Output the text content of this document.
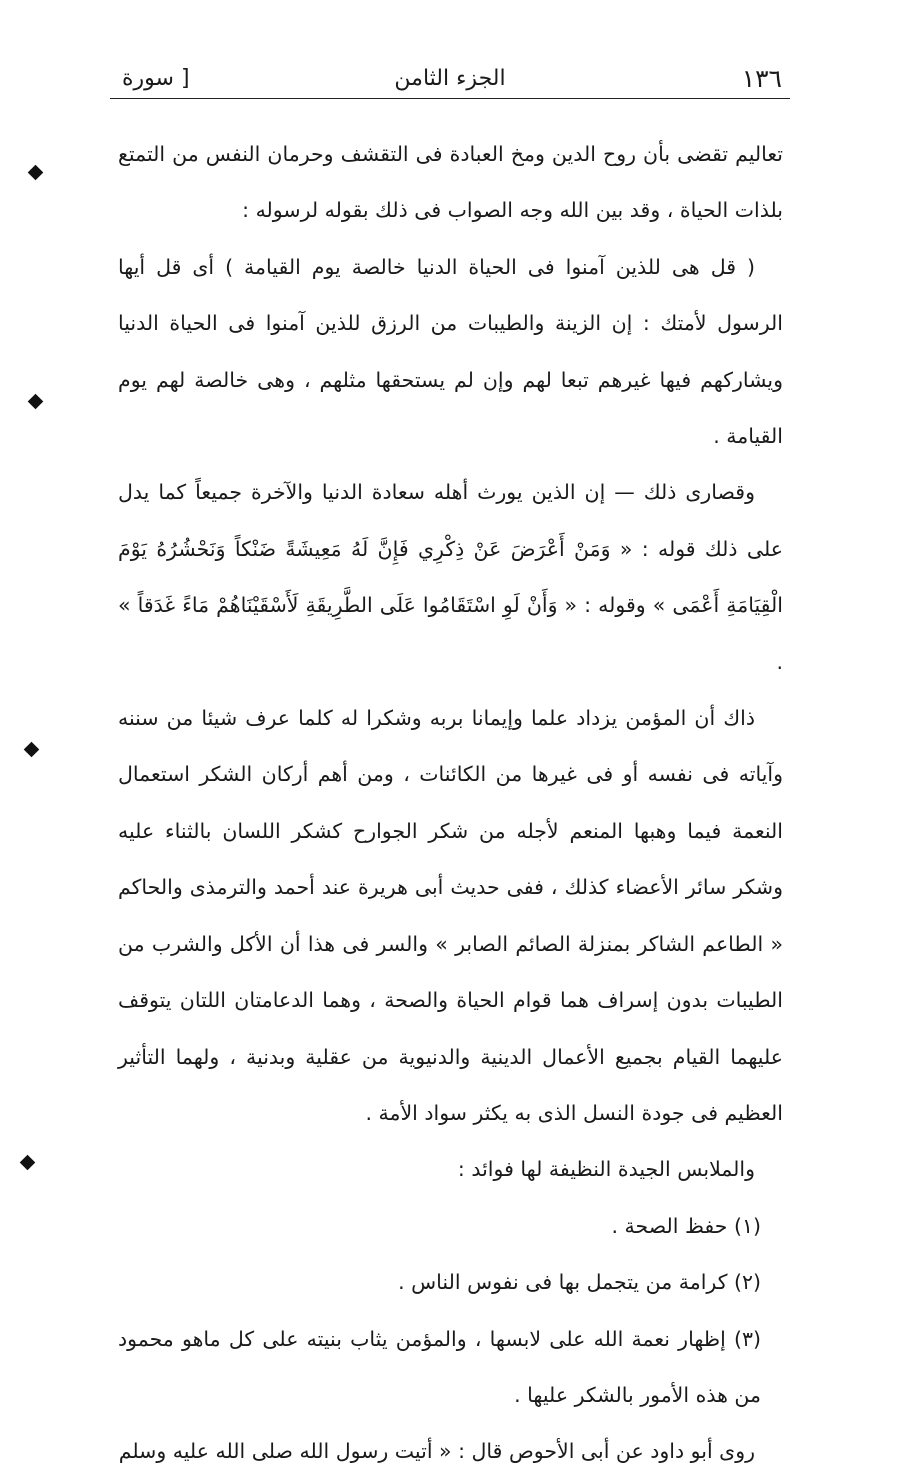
١٣٦
الجزء الثامن
[ سورة

تعاليم تقضى بأن روح الدين ومخ العبادة فى التقشف وحرمان النفس من التمتع بلذات الحياة ، وقد بين الله وجه الصواب فى ذلك بقوله لرسوله :

( قل هى للذين آمنوا فى الحياة الدنيا خالصة يوم القيامة ) أى قل أيها الرسول لأمتك : إن الزينة والطيبات من الرزق للذين آمنوا فى الحياة الدنيا ويشاركهم فيها غيرهم تبعا لهم وإن لم يستحقها مثلهم ، وهى خالصة لهم يوم القيامة .

وقصارى ذلك — إن الذين يورث أهله سعادة الدنيا والآخرة جميعاً كما يدل على ذلك قوله : « وَمَنْ أَعْرَضَ عَنْ ذِكْرِي فَإِنَّ لَهُ مَعِيشَةً ضَنْكاً وَنَحْشُرُهُ يَوْمَ الْقِيَامَةِ أَعْمَى » وقوله : « وَأَنْ لَوِ اسْتَقَامُوا عَلَى الطَّرِيقَةِ لَأَسْقَيْنَاهُمْ مَاءً غَدَقاً » .

ذاك أن المؤمن يزداد علما وإيمانا بربه وشكرا له كلما عرف شيئا من سننه وآياته فى نفسه أو فى غيرها من الكائنات ، ومن أهم أركان الشكر استعمال النعمة فيما وهبها المنعم لأجله من شكر الجوارح كشكر اللسان بالثناء عليه وشكر سائر الأعضاء كذلك ، ففى حديث أبى هريرة عند أحمد والترمذى والحاكم « الطاعم الشاكر بمنزلة الصائم الصابر » والسر فى هذا أن الأكل والشرب من الطيبات بدون إسراف هما قوام الحياة والصحة ، وهما الدعامتان اللتان يتوقف عليهما القيام بجميع الأعمال الدينية والدنيوية من عقلية وبدنية ، ولهما التأثير العظيم فى جودة النسل الذى به يكثر سواد الأمة .

والملابس الجيدة النظيفة لها فوائد :

(١) حفظ الصحة .

(٢) كرامة من يتجمل بها فى نفوس الناس .

(٣) إظهار نعمة الله على لابسها ، والمؤمن يثاب بنيته على كل ماهو محمود من هذه الأمور بالشكر عليها .

روى أبو داود عن أبى الأحوص قال : « أتيت رسول الله صلى الله عليه وسلم
